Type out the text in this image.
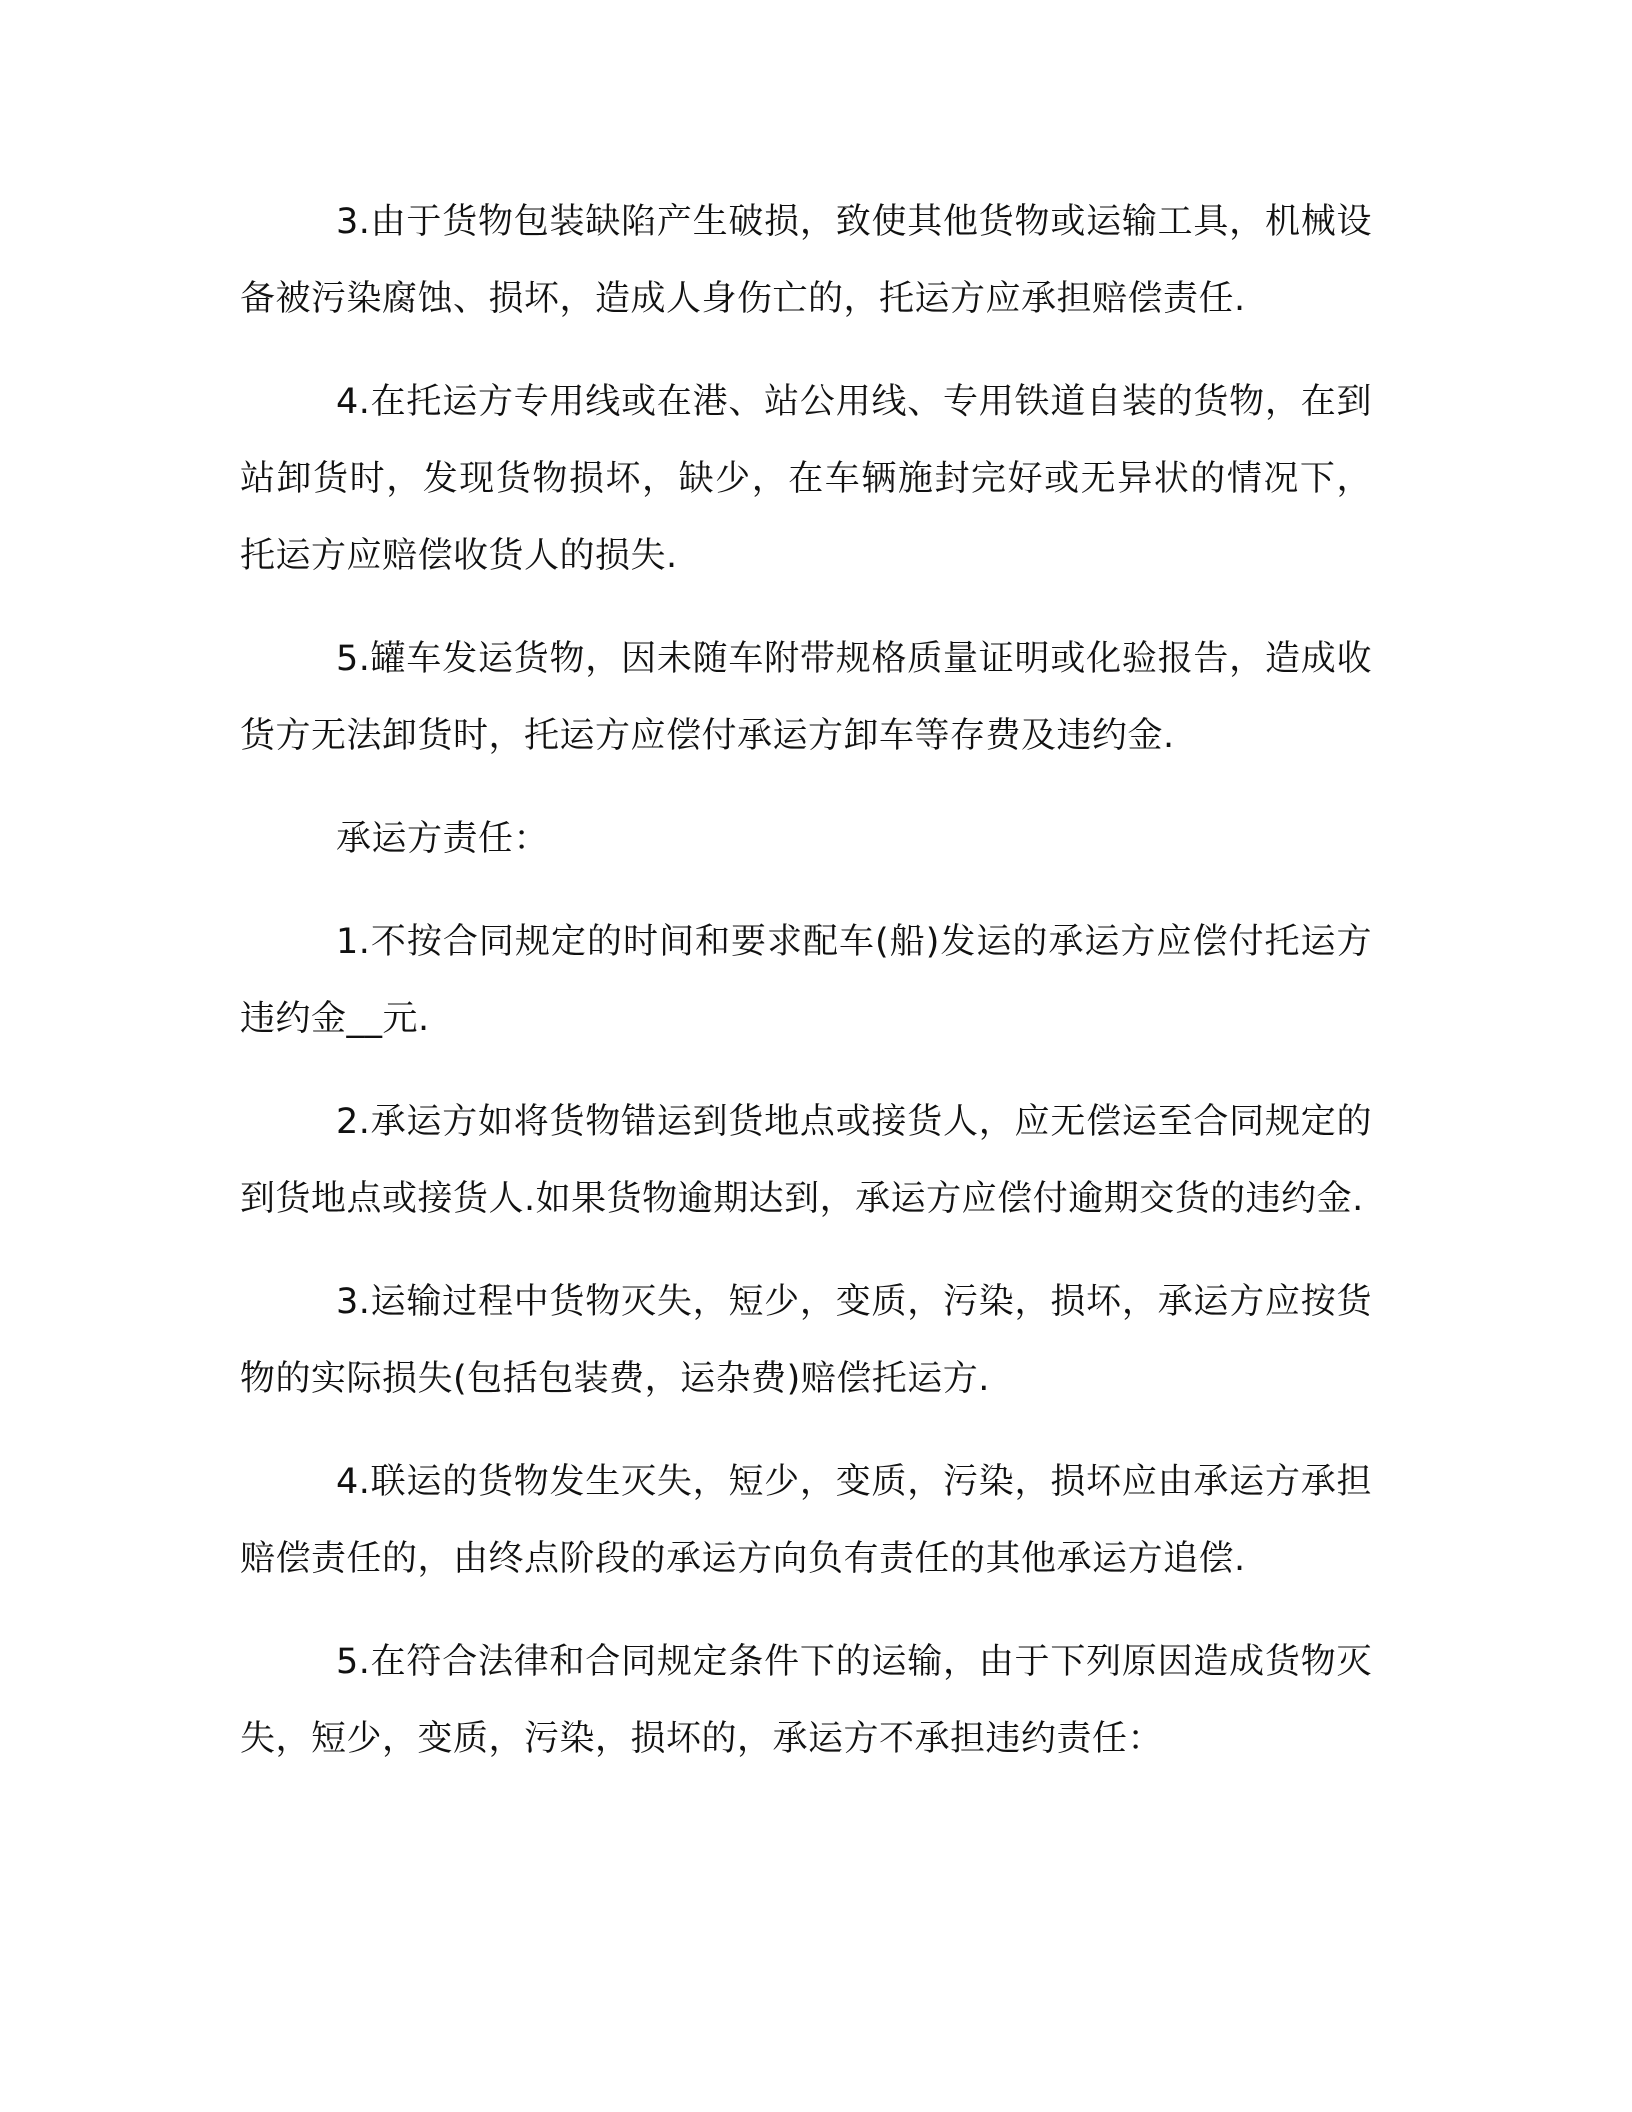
3.由于货物包装缺陷产生破损，致使其他货物或运输工具，机械设备被污染腐蚀、损坏，造成人身伤亡的，托运方应承担赔偿责任.

4.在托运方专用线或在港、站公用线、专用铁道自装的货物，在到站卸货时，发现货物损坏，缺少，在车辆施封完好或无异状的情况下，托运方应赔偿收货人的损失.

5.罐车发运货物，因未随车附带规格质量证明或化验报告，造成收货方无法卸货时，托运方应偿付承运方卸车等存费及违约金.

承运方责任：

1.不按合同规定的时间和要求配车(船)发运的承运方应偿付托运方违约金__元.

2.承运方如将货物错运到货地点或接货人，应无偿运至合同规定的到货地点或接货人.如果货物逾期达到，承运方应偿付逾期交货的违约金.

3.运输过程中货物灭失，短少，变质，污染，损坏，承运方应按货物的实际损失(包括包装费，运杂费)赔偿托运方.

4.联运的货物发生灭失，短少，变质，污染，损坏应由承运方承担赔偿责任的，由终点阶段的承运方向负有责任的其他承运方追偿.

5.在符合法律和合同规定条件下的运输，由于下列原因造成货物灭失，短少，变质，污染，损坏的，承运方不承担违约责任：
